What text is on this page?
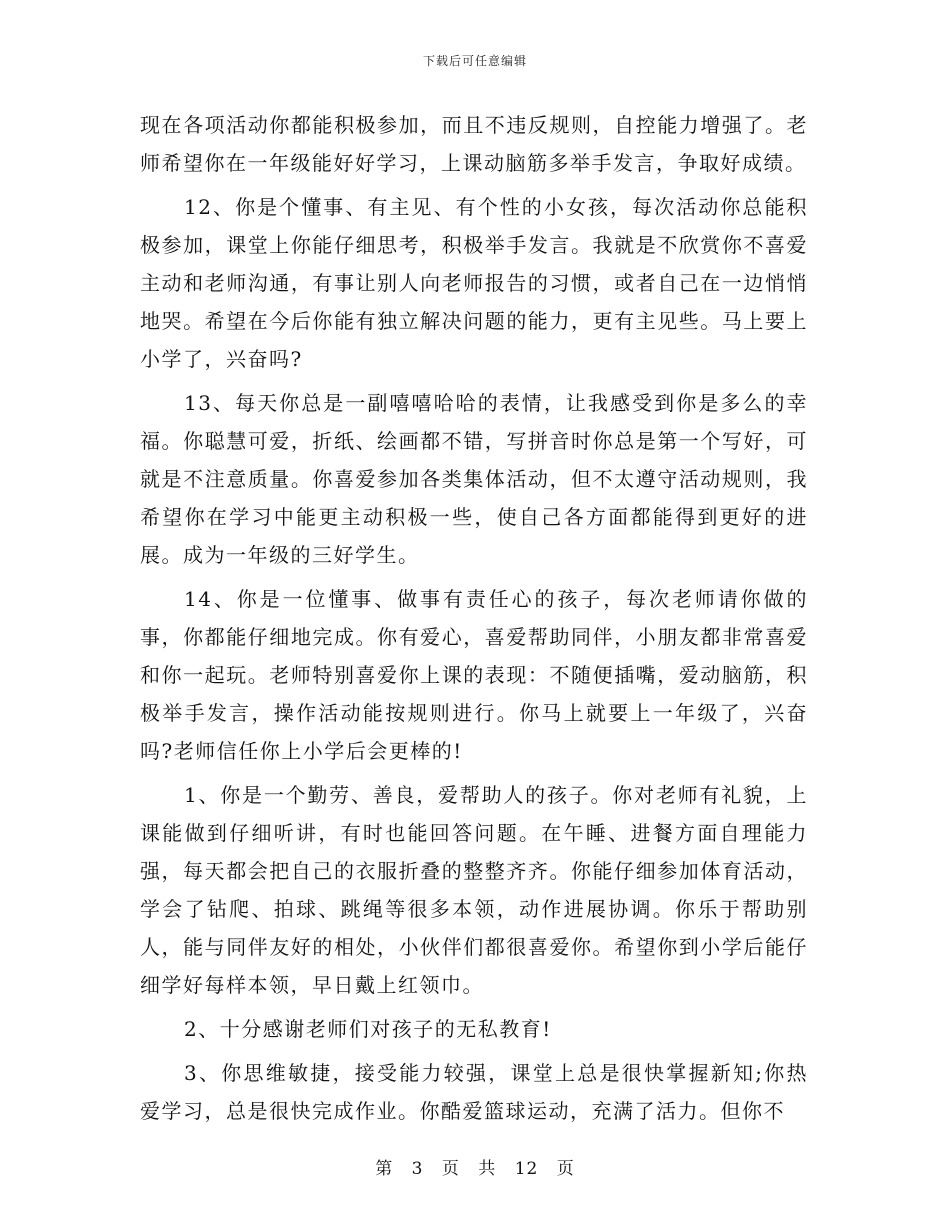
下载后可任意编辑

现在各项活动你都能积极参加，而且不违反规则，自控能力增强了。老师希望你在一年级能好好学习，上课动脑筋多举手发言，争取好成绩。

12、你是个懂事、有主见、有个性的小女孩，每次活动你总能积极参加，课堂上你能仔细思考，积极举手发言。我就是不欣赏你不喜爱主动和老师沟通，有事让别人向老师报告的习惯，或者自己在一边悄悄地哭。希望在今后你能有独立解决问题的能力，更有主见些。马上要上小学了，兴奋吗?

13、每天你总是一副嘻嘻哈哈的表情，让我感受到你是多么的幸福。你聪慧可爱，折纸、绘画都不错，写拼音时你总是第一个写好，可就是不注意质量。你喜爱参加各类集体活动，但不太遵守活动规则，我希望你在学习中能更主动积极一些，使自己各方面都能得到更好的进展。成为一年级的三好学生。

14、你是一位懂事、做事有责任心的孩子，每次老师请你做的事，你都能仔细地完成。你有爱心，喜爱帮助同伴，小朋友都非常喜爱和你一起玩。老师特别喜爱你上课的表现：不随便插嘴，爱动脑筋，积极举手发言，操作活动能按规则进行。你马上就要上一年级了，兴奋吗?老师信任你上小学后会更棒的!

1、你是一个勤劳、善良，爱帮助人的孩子。你对老师有礼貌，上课能做到仔细听讲，有时也能回答问题。在午睡、进餐方面自理能力强，每天都会把自己的衣服折叠的整整齐齐。你能仔细参加体育活动，学会了钻爬、拍球、跳绳等很多本领，动作进展协调。你乐于帮助别人，能与同伴友好的相处，小伙伴们都很喜爱你。希望你到小学后能仔细学好每样本领，早日戴上红领巾。

2、十分感谢老师们对孩子的无私教育!

3、你思维敏捷，接受能力较强，课堂上总是很快掌握新知;你热爱学习，总是很快完成作业。你酷爱篮球运动，充满了活力。但你不

第 3 页 共 12 页
